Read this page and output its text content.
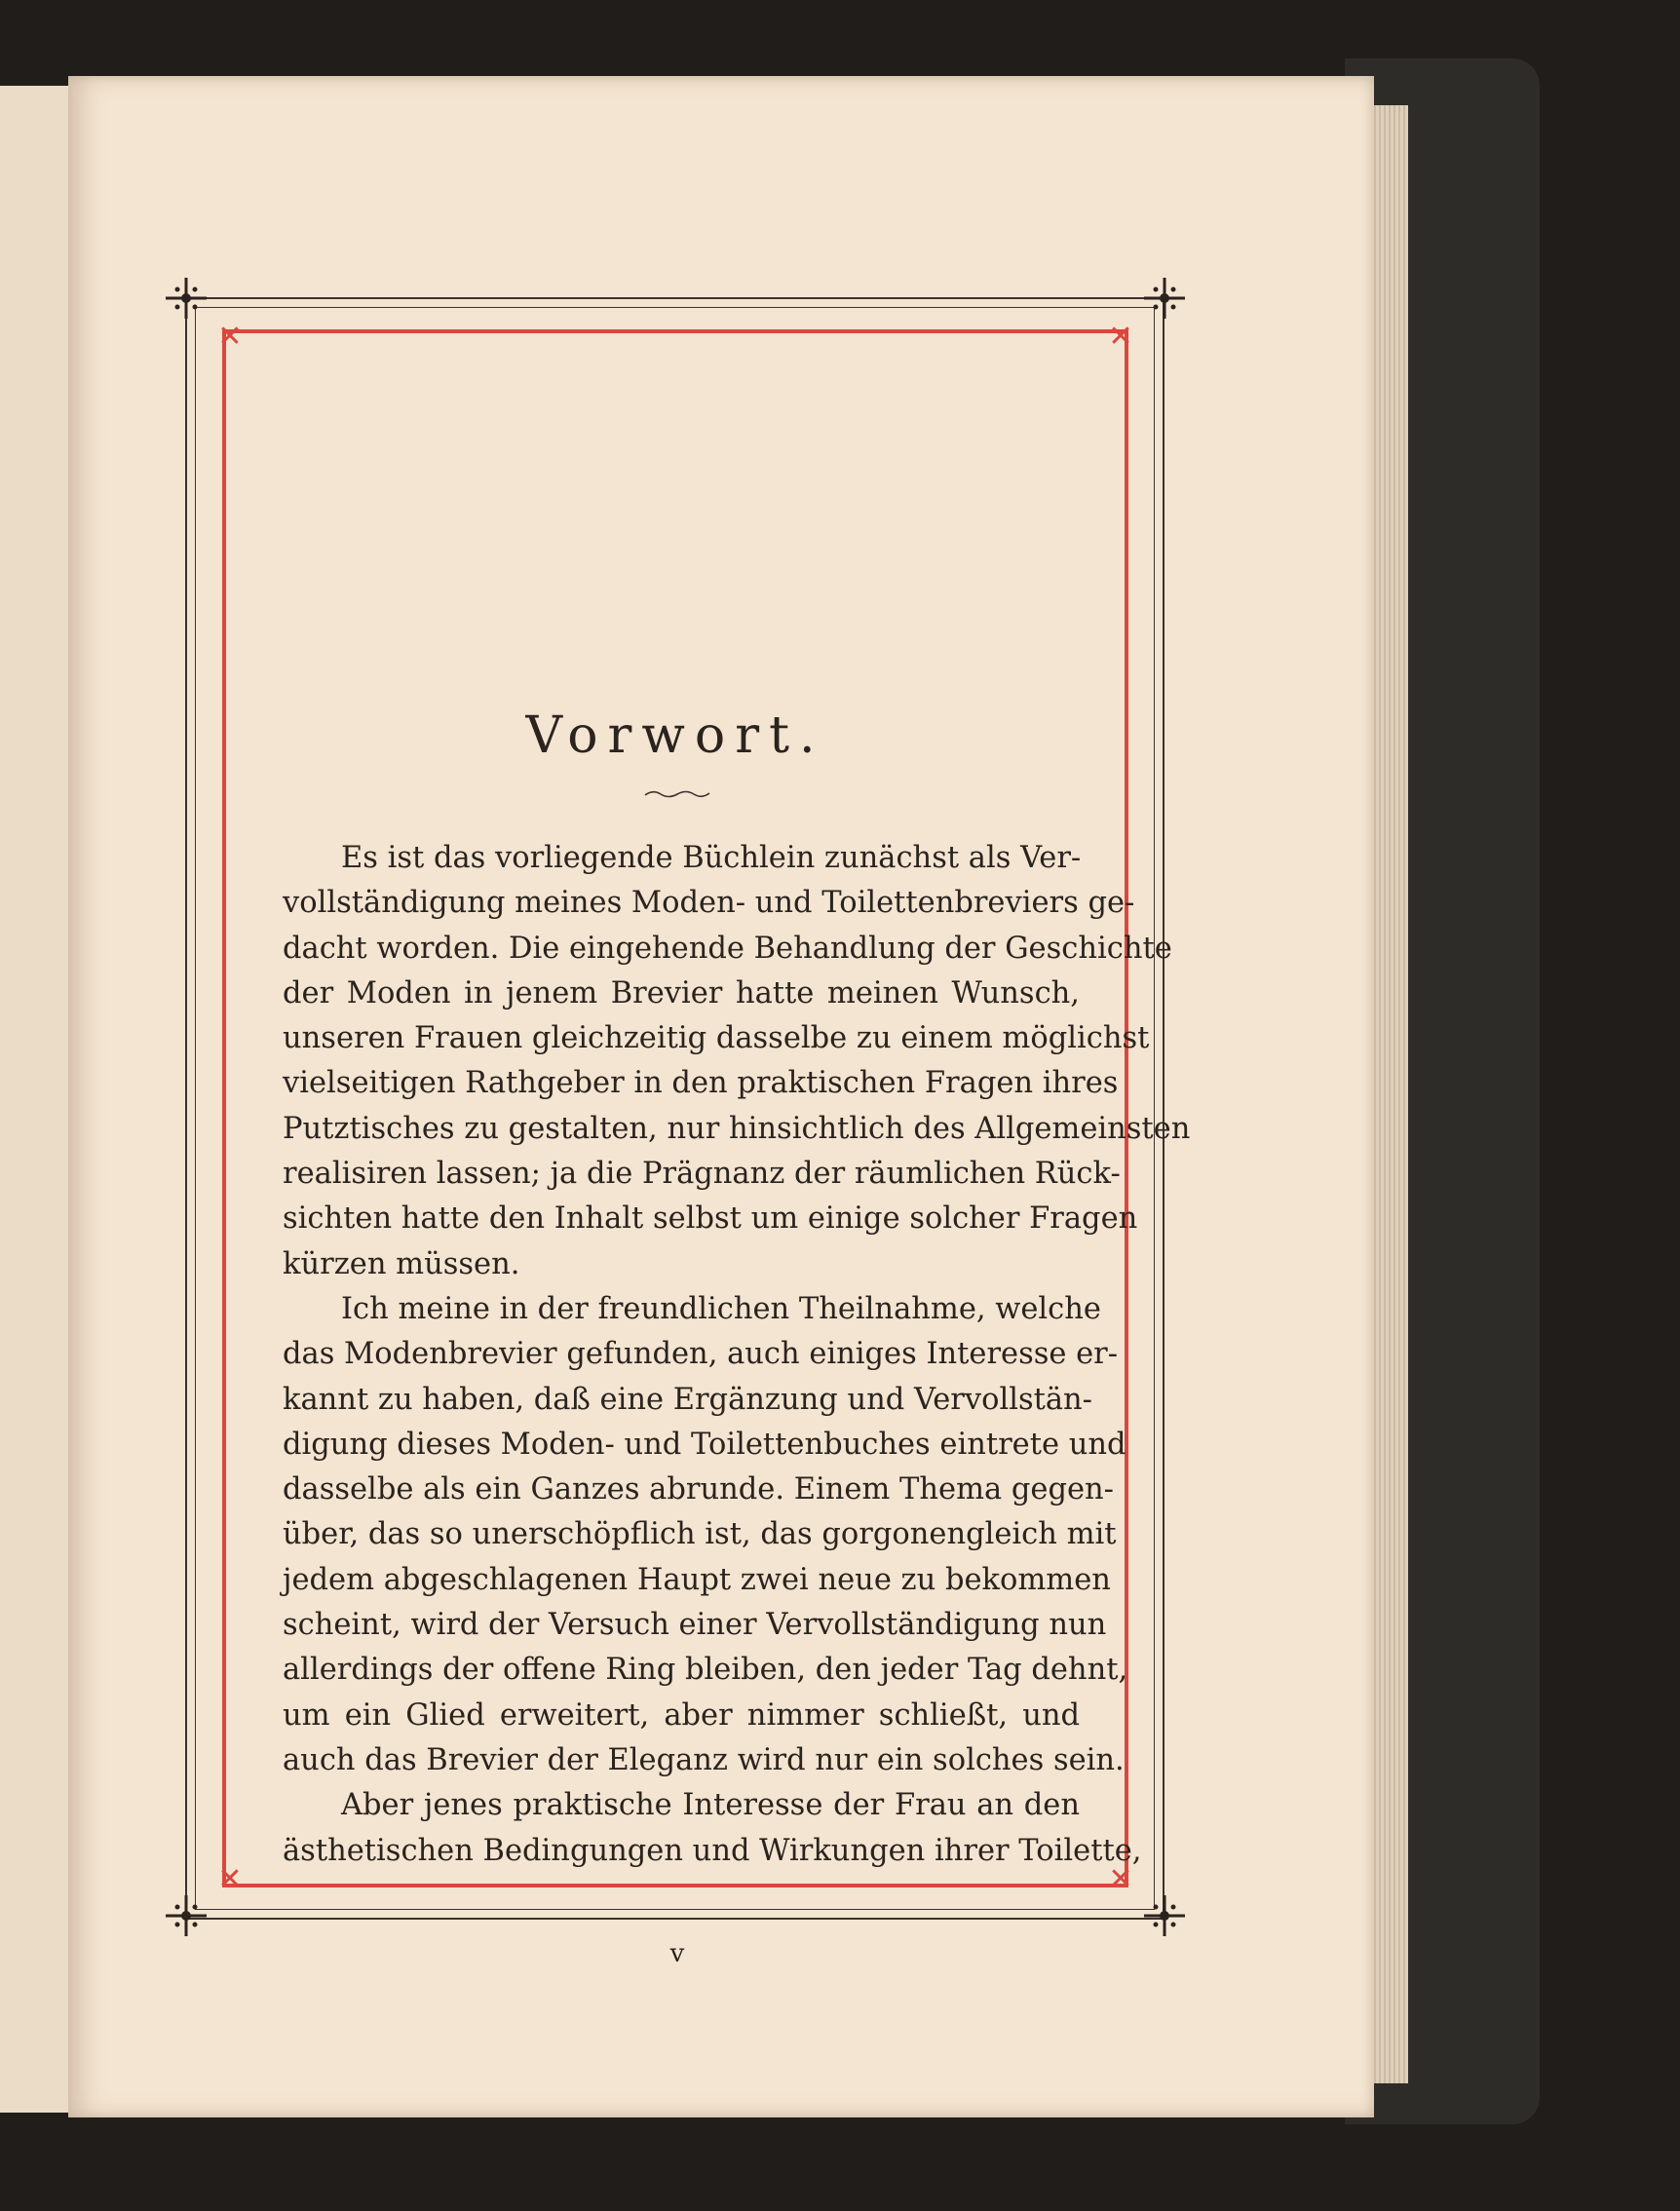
✕	✕
✕	✕
Vorwort.
Es ist das vorliegende Büchlein zunächst als Ver-
vollständigung meines Moden- und Toilettenbreviers ge-
dacht worden. Die eingehende Behandlung der Geschichte
der Moden in jenem Brevier hatte meinen Wunsch,
unseren Frauen gleichzeitig dasselbe zu einem möglichst
vielseitigen Rathgeber in den praktischen Fragen ihres
Putztisches zu gestalten, nur hinsichtlich des Allgemeinsten
realisiren lassen; ja die Prägnanz der räumlichen Rück-
sichten hatte den Inhalt selbst um einige solcher Fragen
kürzen müssen.
Ich meine in der freundlichen Theilnahme, welche
das Modenbrevier gefunden, auch einiges Interesse er-
kannt zu haben, daß eine Ergänzung und Vervollstän-
digung dieses Moden- und Toilettenbuches eintrete und
dasselbe als ein Ganzes abrunde. Einem Thema gegen-
über, das so unerschöpflich ist, das gorgonengleich mit
jedem abgeschlagenen Haupt zwei neue zu bekommen
scheint, wird der Versuch einer Vervollständigung nun
allerdings der offene Ring bleiben, den jeder Tag dehnt,
um ein Glied erweitert, aber nimmer schließt, und
auch das Brevier der Eleganz wird nur ein solches sein.
Aber jenes praktische Interesse der Frau an den
ästhetischen Bedingungen und Wirkungen ihrer Toilette,
v
